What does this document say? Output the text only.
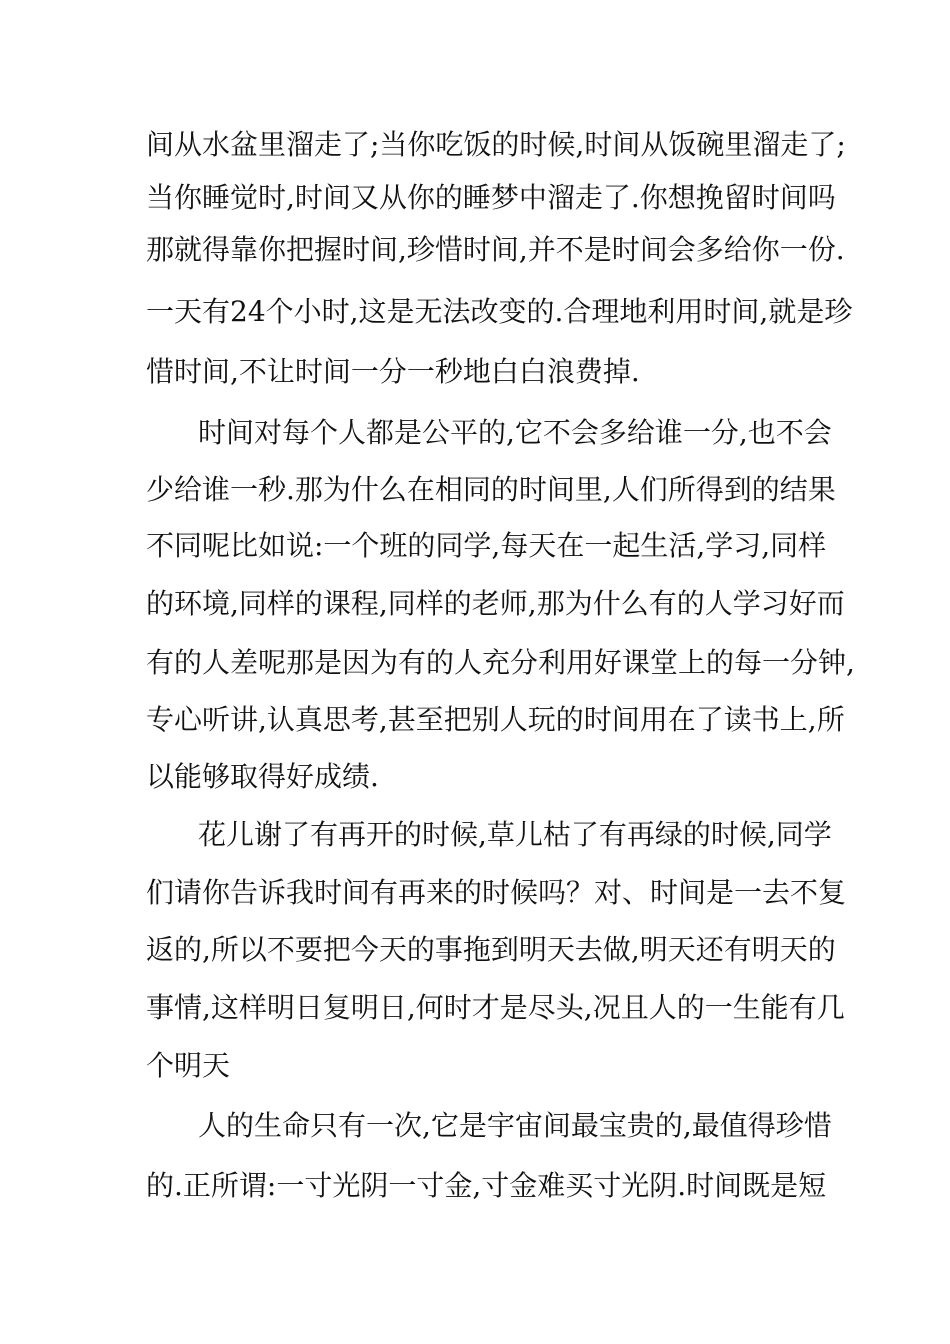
间从水盆里溜走了;当你吃饭的时候,时间从饭碗里溜走了;
当你睡觉时,时间又从你的睡梦中溜走了.你想挽留时间吗
那就得靠你把握时间,珍惜时间,并不是时间会多给你一份.
一天有24个小时,这是无法改变的.合理地利用时间,就是珍
惜时间,不让时间一分一秒地白白浪费掉.
时间对每个人都是公平的,它不会多给谁一分,也不会
少给谁一秒.那为什么在相同的时间里,人们所得到的结果
不同呢比如说:一个班的同学,每天在一起生活,学习,同样
的环境,同样的课程,同样的老师,那为什么有的人学习好而
有的人差呢那是因为有的人充分利用好课堂上的每一分钟,
专心听讲,认真思考,甚至把别人玩的时间用在了读书上,所
以能够取得好成绩.
花儿谢了有再开的时候,草儿枯了有再绿的时候,同学
们请你告诉我时间有再来的时候吗？对、时间是一去不复
返的,所以不要把今天的事拖到明天去做,明天还有明天的
事情,这样明日复明日,何时才是尽头,况且人的一生能有几
个明天
人的生命只有一次,它是宇宙间最宝贵的,最值得珍惜
的.正所谓:一寸光阴一寸金,寸金难买寸光阴.时间既是短
